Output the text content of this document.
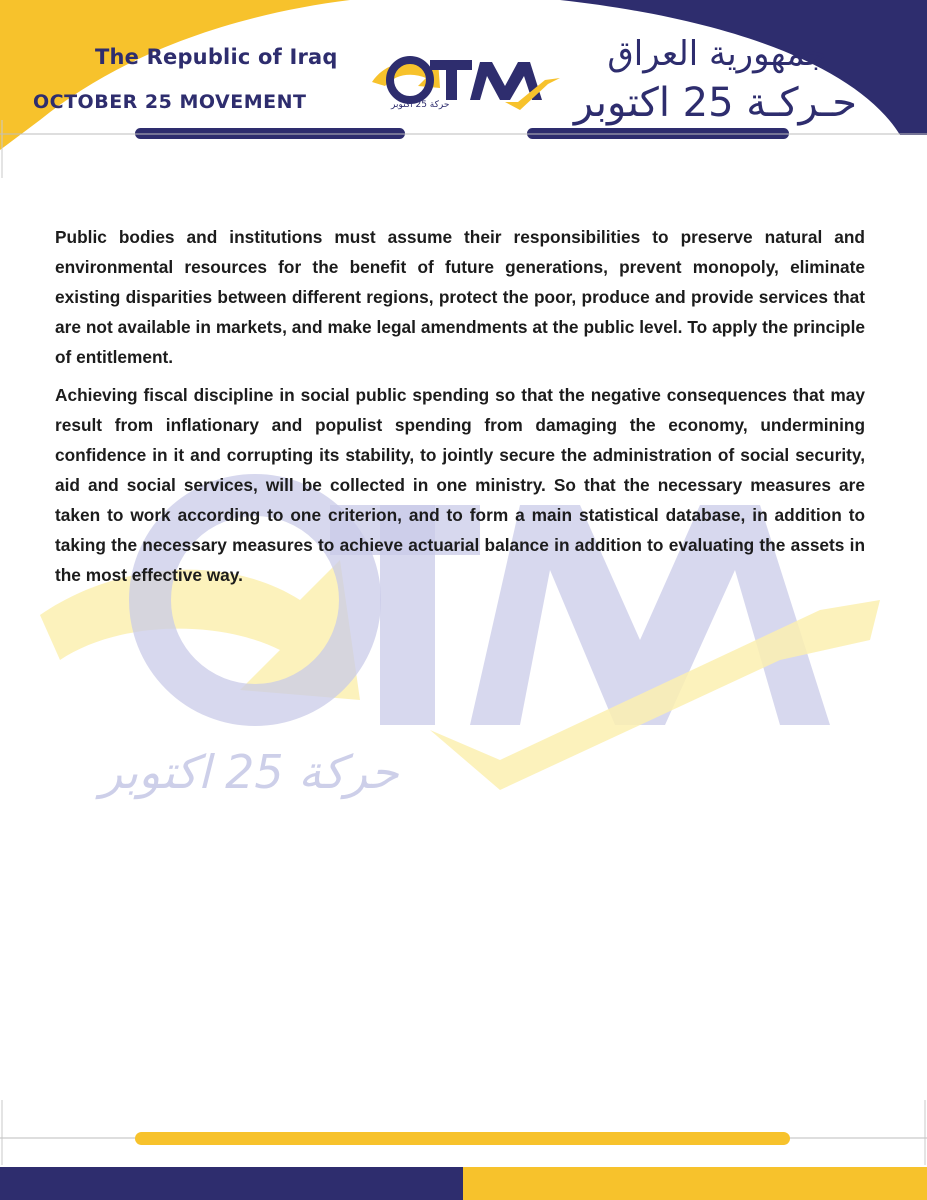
حركة 25 اكتوبر
The Republic of Iraq
OCTOBER 25 MOVEMENT
جمهورية العراق
حـركـة 25 اكتوبر
حركة 25 اكتوبر

Public bodies and institutions must assume their responsibilities to preserve natural and environmental resources for the benefit of future generations, prevent monopoly, eliminate existing disparities between different regions, protect the poor, produce and provide services that are not available in markets, and make legal amendments at the public level. To apply the principle of entitlement.

Achieving fiscal discipline in social public spending so that the negative consequences that may result from inflationary and populist spending from damaging the economy, undermining confidence in it and corrupting its stability, to jointly secure the administration of social security, aid and social services, will be collected in one ministry. So that the necessary measures are taken to work according to one criterion, and to form a main statistical database, in addition to taking the necessary measures to achieve actuarial balance in addition to evaluating the assets in the most effective way.
